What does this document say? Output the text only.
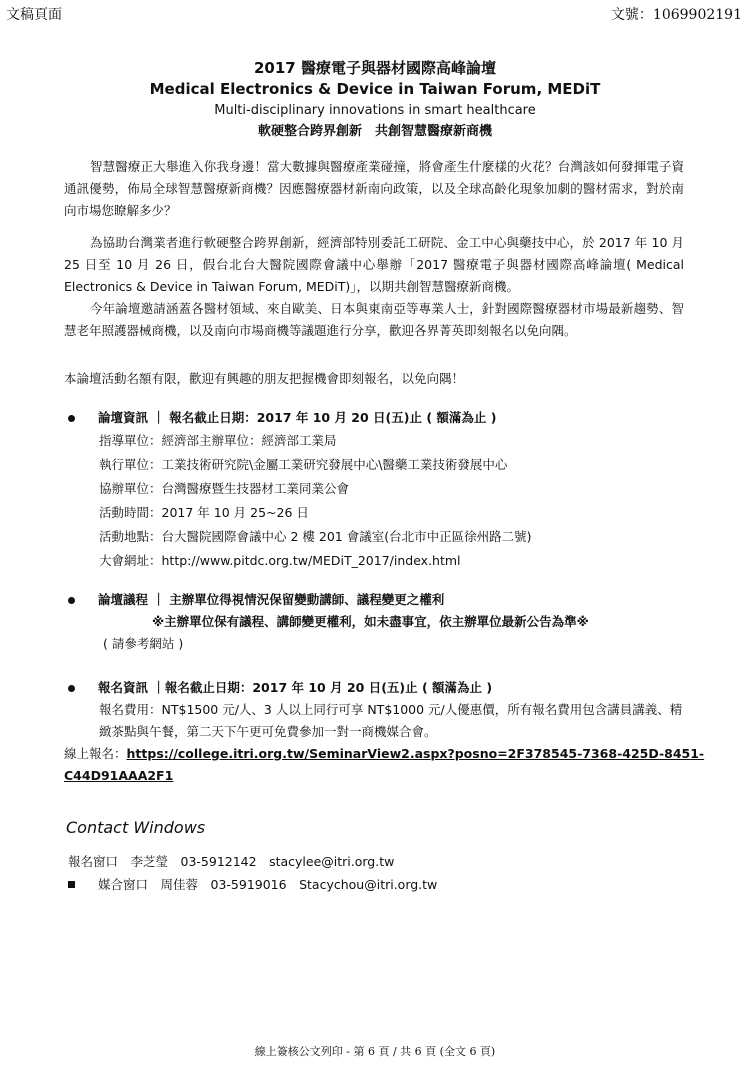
文稿頁面	文號：1069902191
2017 醫療電子與器材國際高峰論壇
Medical Electronics & Device in Taiwan Forum, MEDiT
Multi-disciplinary innovations in smart healthcare
軟硬整合跨界創新　共創智慧醫療新商機
智慧醫療正大舉進入你我身邊！當大數據與醫療產業碰撞，將會產生什麼樣的火花？台灣該如何發揮電子資通訊優勢，佈局全球智慧醫療新商機？因應醫療器材新南向政策，以及全球高齡化現象加劇的醫材需求，對於南向市場您瞭解多少？
為協助台灣業者進行軟硬整合跨界創新，經濟部特別委託工研院、金工中心與藥技中心，於 2017 年 10 月 25 日至 10 月 26 日，假台北台大醫院國際會議中心舉辦「2017 醫療電子與器材國際高峰論壇( Medical Electronics & Device in Taiwan Forum, MEDiT)」，以期共創智慧醫療新商機。
今年論壇邀請涵蓋各醫材領域、來自歐美、日本與東南亞等專業人士，針對國際醫療器材市場最新趨勢、智慧老年照護器械商機，以及南向市場商機等議題進行分享，歡迎各界菁英即刻報名以免向隅。
本論壇活動名額有限，歡迎有興趣的朋友把握機會即刻報名，以免向隅！
論壇資訊 ｜ 報名截止日期：2017 年 10 月 20 日(五)止 ( 額滿為止 )
指導單位：經濟部主辦單位：經濟部工業局
執行單位：工業技術研究院\金屬工業研究發展中心\醫藥工業技術發展中心
協辦單位：台灣醫療暨生技器材工業同業公會
活動時間：2017 年 10 月 25~26 日
活動地點：台大醫院國際會議中心 2 樓 201 會議室(台北市中正區徐州路二號)
大會網址：http://www.pitdc.org.tw/MEDiT_2017/index.html
論壇議程 ｜ 主辦單位得視情況保留變動講師、議程變更之權利
※主辦單位保有議程、講師變更權利，如未盡事宜，依主辦單位最新公告為準※
( 請參考網站 )
報名資訊 ｜報名截止日期：2017 年 10 月 20 日(五)止 ( 額滿為止 )
報名費用：NT$1500 元/人、3 人以上同行可享 NT$1000 元/人優惠價，所有報名費用包含講員講義、精
緻茶點與午餐，第二天下午更可免費參加一對一商機媒合會。
線上報名：https://college.itri.org.tw/SeminarView2.aspx?posno=2F378545-7368-425D-8451-
C44D91AAA2F1
Contact Windows
報名窗口　李芝瑩　03-5912142　stacylee@itri.org.tw
媒合窗口　周佳蓉　03-5919016　Stacychou@itri.org.tw
線上簽核公文列印 - 第 6 頁 / 共 6 頁 (全文 6 頁)
